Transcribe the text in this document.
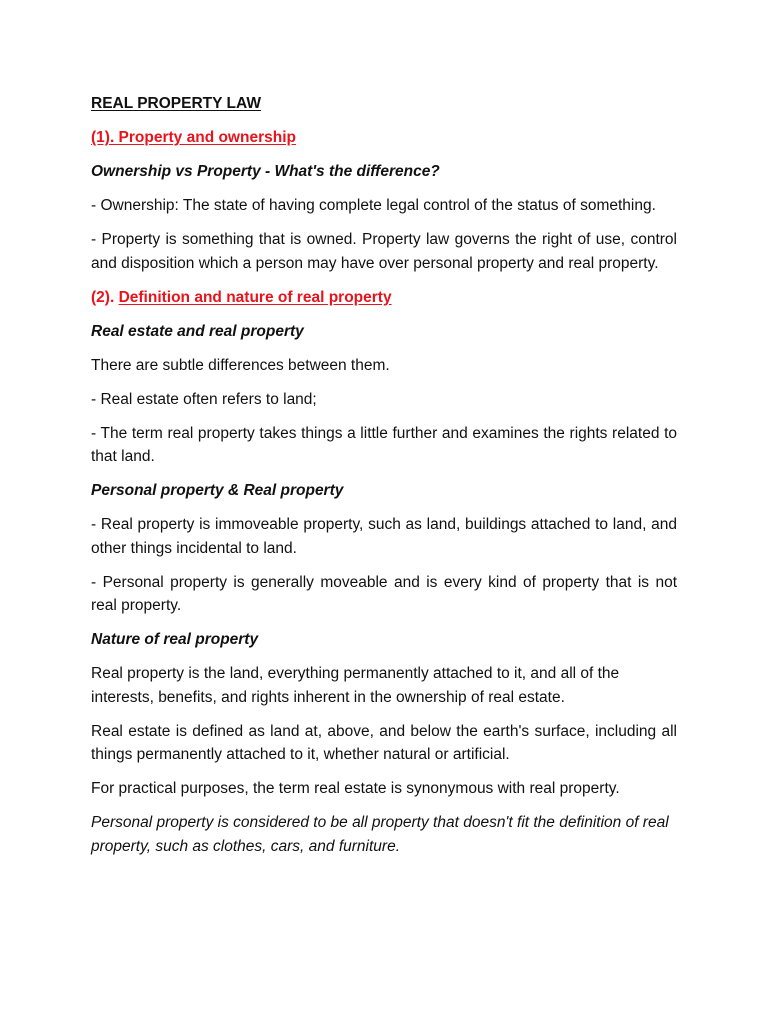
REAL PROPERTY LAW

(1). Property and ownership

Ownership vs Property - What's the difference?

- Ownership: The state of having complete legal control of the status of something.

- Property is something that is owned. Property law governs the right of use, control and disposition which a person may have over personal property and real property.

(2). Definition and nature of real property

Real estate and real property

There are subtle differences between them.

- Real estate often refers to land;

- The term real property takes things a little further and examines the rights related to that land.

Personal property & Real property

- Real property is immoveable property, such as land, buildings attached to land, and other things incidental to land.

- Personal property is generally moveable and is every kind of property that is not real property.

Nature of real property

Real property is the land, everything permanently attached to it, and all of the interests, benefits, and rights inherent in the ownership of real estate.

Real estate is defined as land at, above, and below the earth's surface, including all things permanently attached to it, whether natural or artificial.

For practical purposes, the term real estate is synonymous with real property.

Personal property is considered to be all property that doesn't fit the definition of real property, such as clothes, cars, and furniture.
